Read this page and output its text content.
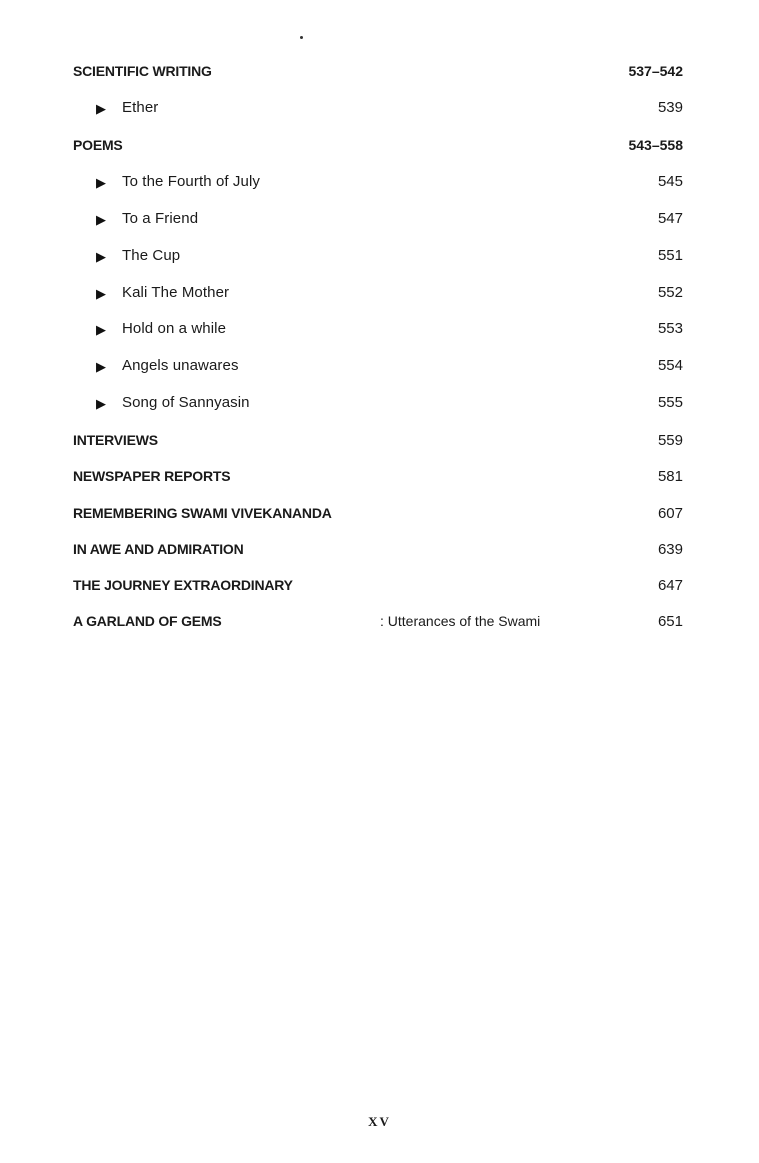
SCIENTIFIC WRITING	537–542
▶ Ether	539
POEMS	543–558
▶ To the Fourth of July	545
▶ To a Friend	547
▶ The Cup	551
▶ Kali The Mother	552
▶ Hold on a while	553
▶ Angels unawares	554
▶ Song of Sannyasin	555
INTERVIEWS	559
NEWSPAPER REPORTS	581
REMEMBERING SWAMI VIVEKANANDA	607
IN AWE AND ADMIRATION	639
THE JOURNEY EXTRAORDINARY	647
A GARLAND OF GEMS	: Utterances of the Swami	651
XV
